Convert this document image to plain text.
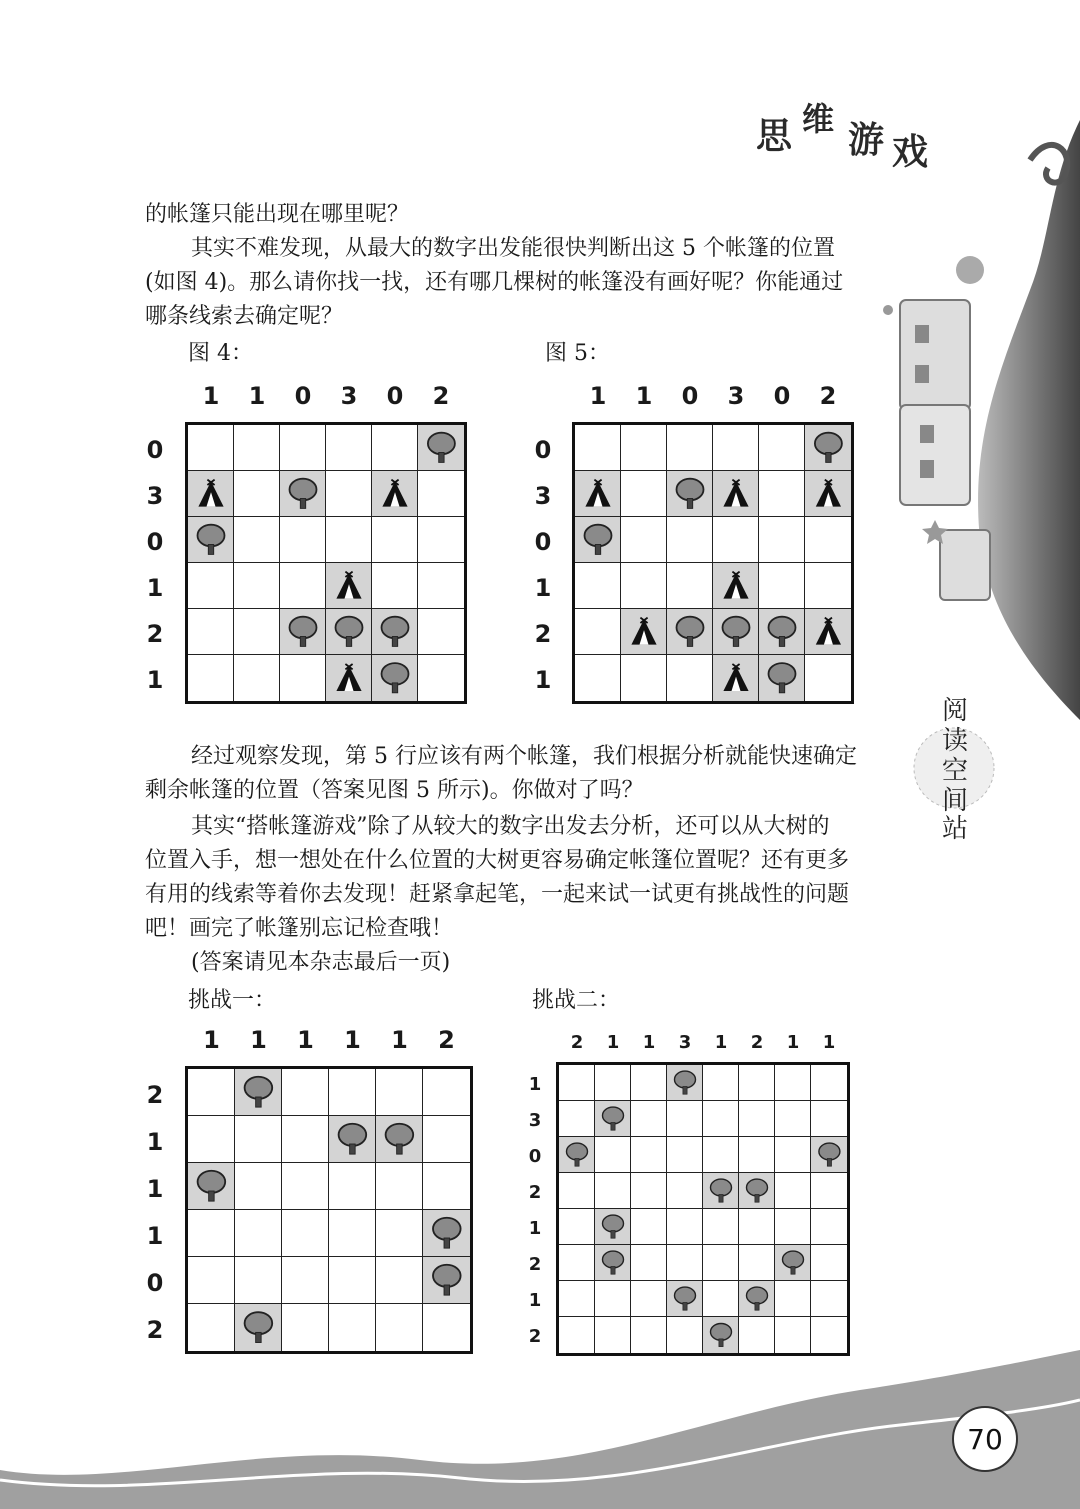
思 维
游 戏
阅
读
空
间
站

的帐篷只能出现在哪里呢？

其实不难发现，从最大的数字出发能很快判断出这 5 个帐篷的位置
(如图 4)。那么请你找一找，还有哪几棵树的帐篷没有画好呢？你能通过
哪条线索去确定呢？

图 4：	图 5：
1	1	0	3	0	2
0
3
0
1
2
1
1	1	0	3	0	2
0
3
0
1
2
1

经过观察发现，第 5 行应该有两个帐篷，我们根据分析就能快速确定
剩余帐篷的位置（答案见图 5 所示)。你做对了吗？

其实“搭帐篷游戏”除了从较大的数字出发去分析，还可以从大树的
位置入手，想一想处在什么位置的大树更容易确定帐篷位置呢？还有更多
有用的线索等着你去发现！赶紧拿起笔，一起来试一试更有挑战性的问题
吧！画完了帐篷别忘记检查哦！

(答案请见本杂志最后一页)

挑战一：	挑战二：
1	1	1	1	1	2
2
1
1
1
0
2
2	1	1	3	1	2	1	1
1
3
0
2
1
2
1
2
70
